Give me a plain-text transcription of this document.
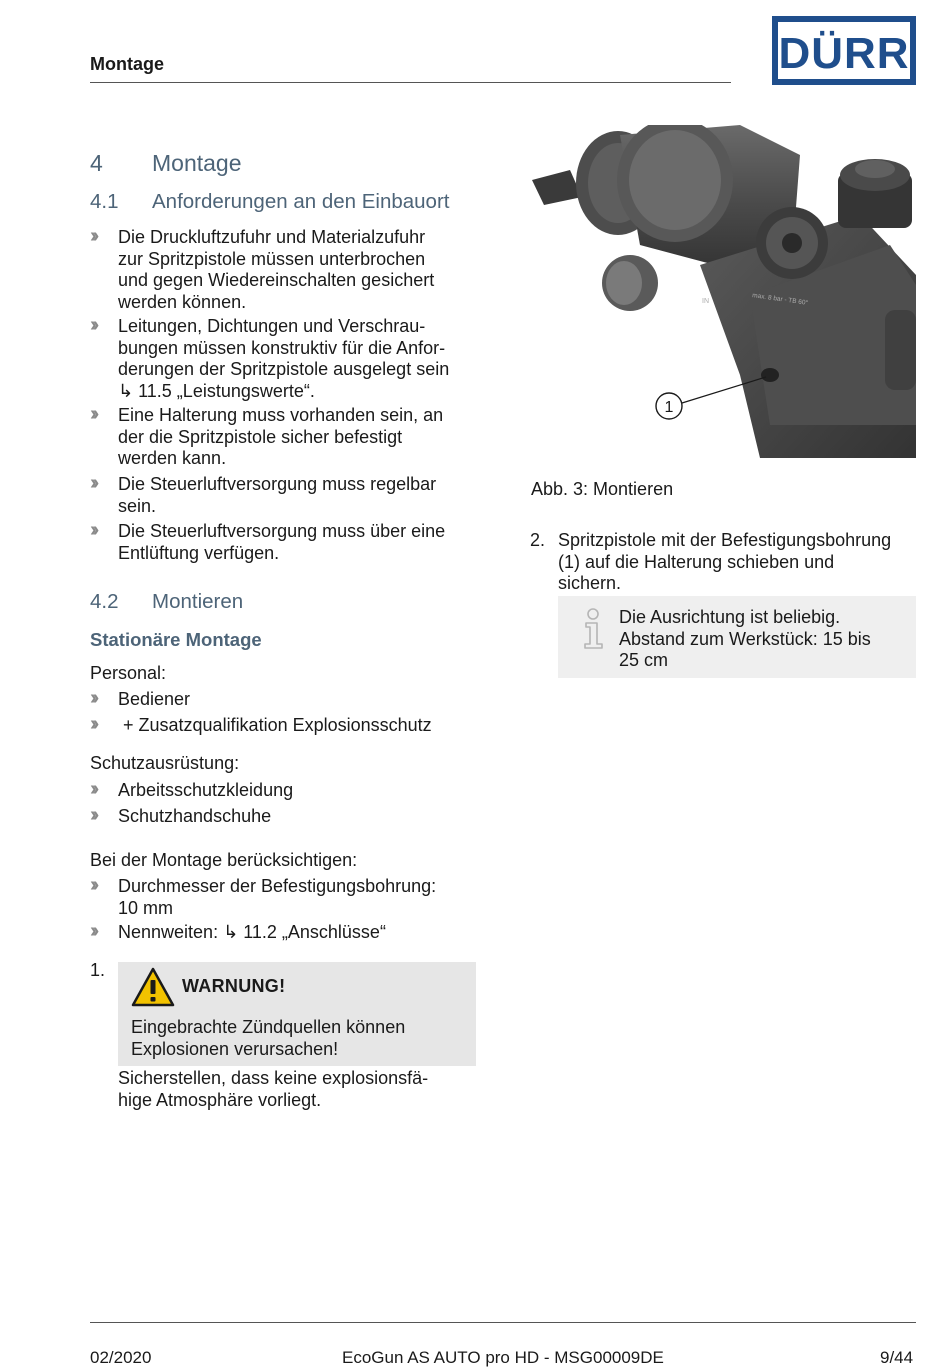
Montage	DÜRR
4 Montage
4.1 Anforderungen an den Einbauort
›› Die Druckluftzufuhr und Materialzufuhr
zur Spritzpistole müssen unterbrochen
und gegen Wiedereinschalten gesichert
werden können.
›› Leitungen, Dichtungen und Verschrau-
bungen müssen konstruktiv für die Anfor-
derungen der Spritzpistole ausgelegt sein
↳ 11.5 „Leistungswerte“.
›› Eine Halterung muss vorhanden sein, an
der die Spritzpistole sicher befestigt
werden kann.
›› Die Steuerluftversorgung muss regelbar
sein.
›› Die Steuerluftversorgung muss über eine
Entlüftung verfügen.
4.2 Montieren
Stationäre Montage
Personal:
›› Bediener
›› + Zusatzqualifikation Explosionsschutz
Schutzausrüstung:
›› Arbeitsschutzkleidung
›› Schutzhandschuhe
Bei der Montage berücksichtigen:
›› Durchmesser der Befestigungsbohrung:
10 mm
›› Nennweiten: ↳ 11.2 „Anschlüsse“
1.
WARNUNG!
Eingebrachte Zündquellen können
Explosionen verursachen!
Sicherstellen, dass keine explosionsfä-
hige Atmosphäre vorliegt.
IN	max. 8 bar - TB 60°
1
Abb. 3: Montieren
2. Spritzpistole mit der Befestigungsbohrung
(1) auf die Halterung schieben und
sichern.
Die Ausrichtung ist beliebig.
Abstand zum Werkstück: 15 bis
25 cm
02/2020	EcoGun AS AUTO pro HD - MSG00009DE	9/44
